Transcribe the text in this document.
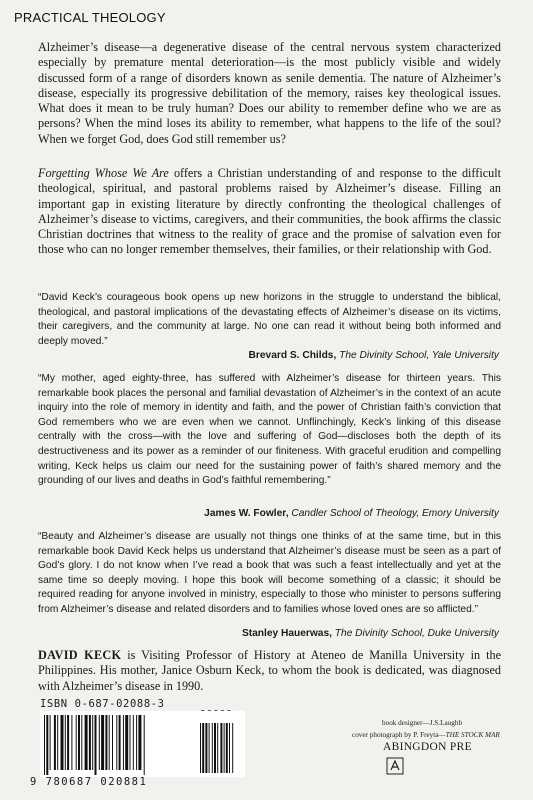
PRACTICAL THEOLOGY

Alzheimer’s disease—a degenerative disease of the central nervous system characterized especially by premature mental deterioration—is the most publicly visible and widely discussed form of a range of disorders known as senile dementia. The nature of Alzheimer’s disease, especially its progressive debilitation of the memory, raises key theological issues. What does it mean to be truly human? Does our ability to remember define who we are as persons? When the mind loses its ability to remember, what happens to the life of the soul? When we forget God, does God still remember us?

Forgetting Whose We Are offers a Christian understanding of and response to the difficult theological, spiritual, and pastoral problems raised by Alzheimer’s disease. Filling an important gap in existing literature by directly confronting the theological challenges of Alzheimer’s disease to victims, caregivers, and their communities, the book affirms the classic Christian doctrines that witness to the reality of grace and the promise of salvation even for those who can no longer remember themselves, their families, or their relationship with God.

“David Keck’s courageous book opens up new horizons in the struggle to understand the biblical, theological, and pastoral implications of the devastating effects of Alzheimer’s disease on its victims, their caregivers, and the community at large. No one can read it without being both informed and deeply moved.”

Brevard S. Childs, The Divinity School, Yale University

“My mother, aged eighty-three, has suffered with Alzheimer’s disease for thirteen years. This remarkable book places the personal and familial devastation of Alzheimer’s in the context of an acute inquiry into the role of memory in identity and faith, and the power of Christian faith’s conviction that God remembers who we are even when we cannot. Unflinchingly, Keck’s linking of this disease centrally with the cross—with the love and suffering of God—discloses both the depth of its destructiveness and its power as a reminder of our finiteness. With graceful erudition and compelling writing, Keck helps us claim our need for the sustaining power of faith’s shared memory and the grounding of our lives and deaths in God’s faithful remembering.”

James W. Fowler, Candler School of Theology, Emory University

“Beauty and Alzheimer’s disease are usually not things one thinks of at the same time, but in this remarkable book David Keck helps us understand that Alzheimer’s disease must be seen as a part of God’s glory. I do not know when I’ve read a book that was such a feast intellectually and yet at the same time so deeply moving. I hope this book will become something of a classic; it should be required reading for anyone involved in ministry, especially to those who minister to persons suffering from Alzheimer’s disease and related disorders and to families whose loved ones are so afflicted.”

Stanley Hauerwas, The Divinity School, Duke University

DAVID KECK is Visiting Professor of History at Ateneo de Manilla University in the Philippines. His mother, Janice Osburn Keck, to whom the book is dedicated, was diagnosed with Alzheimer’s disease in 1990.

ISBN 0-687-02088-3
90000
9 780687 020881
book designer—J.S.Laughb
cover photograph by P. Freyta—THE STOCK MAR
ABINGDON PRE
